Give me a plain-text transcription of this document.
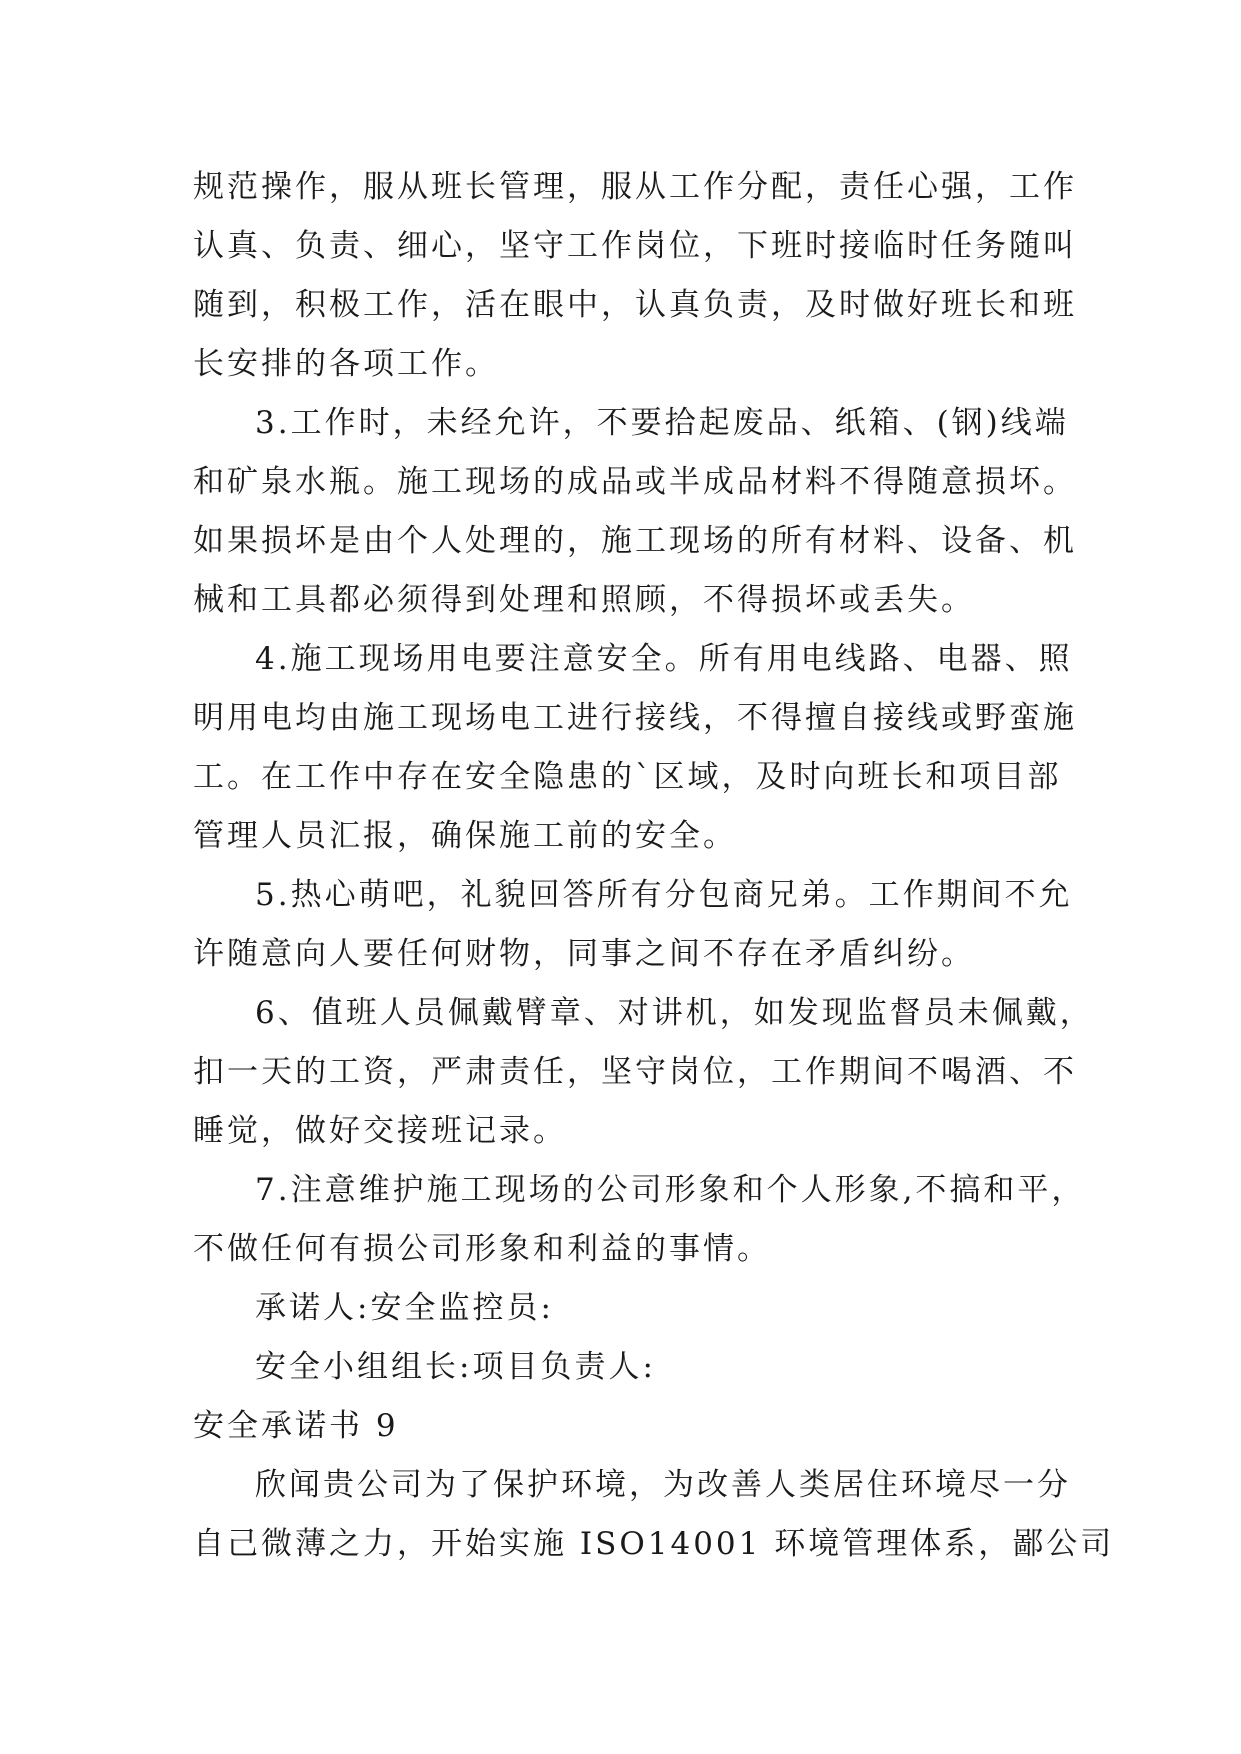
规范操作，服从班长管理，服从工作分配，责任心强，工作
认真、负责、细心，坚守工作岗位，下班时接临时任务随叫
随到，积极工作，活在眼中，认真负责，及时做好班长和班
长安排的各项工作。
3.工作时，未经允许，不要拾起废品、纸箱、(钢)线端
和矿泉水瓶。施工现场的成品或半成品材料不得随意损坏。
如果损坏是由个人处理的，施工现场的所有材料、设备、机
械和工具都必须得到处理和照顾，不得损坏或丢失。
4.施工现场用电要注意安全。所有用电线路、电器、照
明用电均由施工现场电工进行接线，不得擅自接线或野蛮施
工。在工作中存在安全隐患的`区域，及时向班长和项目部
管理人员汇报，确保施工前的安全。
5.热心萌吧，礼貌回答所有分包商兄弟。工作期间不允
许随意向人要任何财物，同事之间不存在矛盾纠纷。
6、值班人员佩戴臂章、对讲机，如发现监督员未佩戴，
扣一天的工资，严肃责任，坚守岗位，工作期间不喝酒、不
睡觉，做好交接班记录。
7.注意维护施工现场的公司形象和个人形象,不搞和平，
不做任何有损公司形象和利益的事情。
承诺人:安全监控员:
安全小组组长:项目负责人:
安全承诺书 9
欣闻贵公司为了保护环境，为改善人类居住环境尽一分
自己微薄之力，开始实施 ISO14001 环境管理体系，鄙公司
